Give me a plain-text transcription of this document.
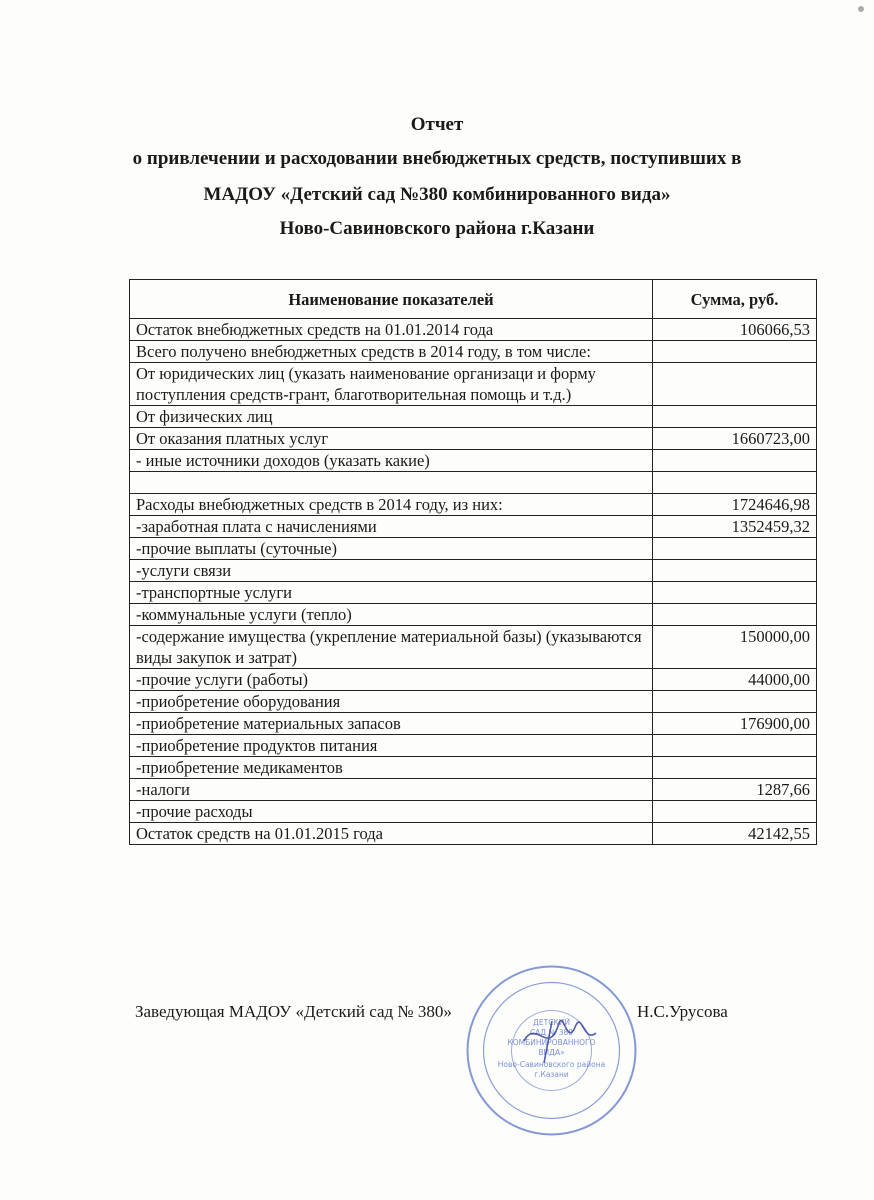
Отчет
о привлечении и расходовании внебюджетных средств, поступивших в
МАДОУ «Детский сад №380 комбинированного вида»
Ново-Савиновского района г.Казани
Наименование показателей	Сумма, руб.
Остаток внебюджетных средств на 01.01.2014 года	106066,53
Всего получено внебюджетных средств в 2014 году, в том числе:	
От юридических лиц (указать наименование организаци и форму поступления средств-грант, благотворительная помощь и т.д.)	
От физических лиц	
От оказания платных услуг	1660723,00
- иные источники доходов (указать какие)	

Расходы внебюджетных средств в 2014 году, из них:	1724646,98
-заработная плата с начислениями	1352459,32
-прочие выплаты (суточные)	
-услуги связи	
-транспортные услуги	
-коммунальные услуги (тепло)	
-содержание имущества (укрепление материальной базы) (указываются виды закупок и затрат)	150000,00
-прочие услуги (работы)	44000,00
-приобретение оборудования	
-приобретение материальных запасов	176900,00
-приобретение продуктов питания	
-приобретение медикаментов	
-налоги	1287,66
-прочие расходы	
Остаток средств на 01.01.2015 года	42142,55
Заведующая МАДОУ «Детский сад № 380»	Н.С.Урусова
ДЕТСКИЙ
САД № 380
КОМБИНИРОВАННОГО
ВИДА»
Ново-Савиновского района
г.Казани
